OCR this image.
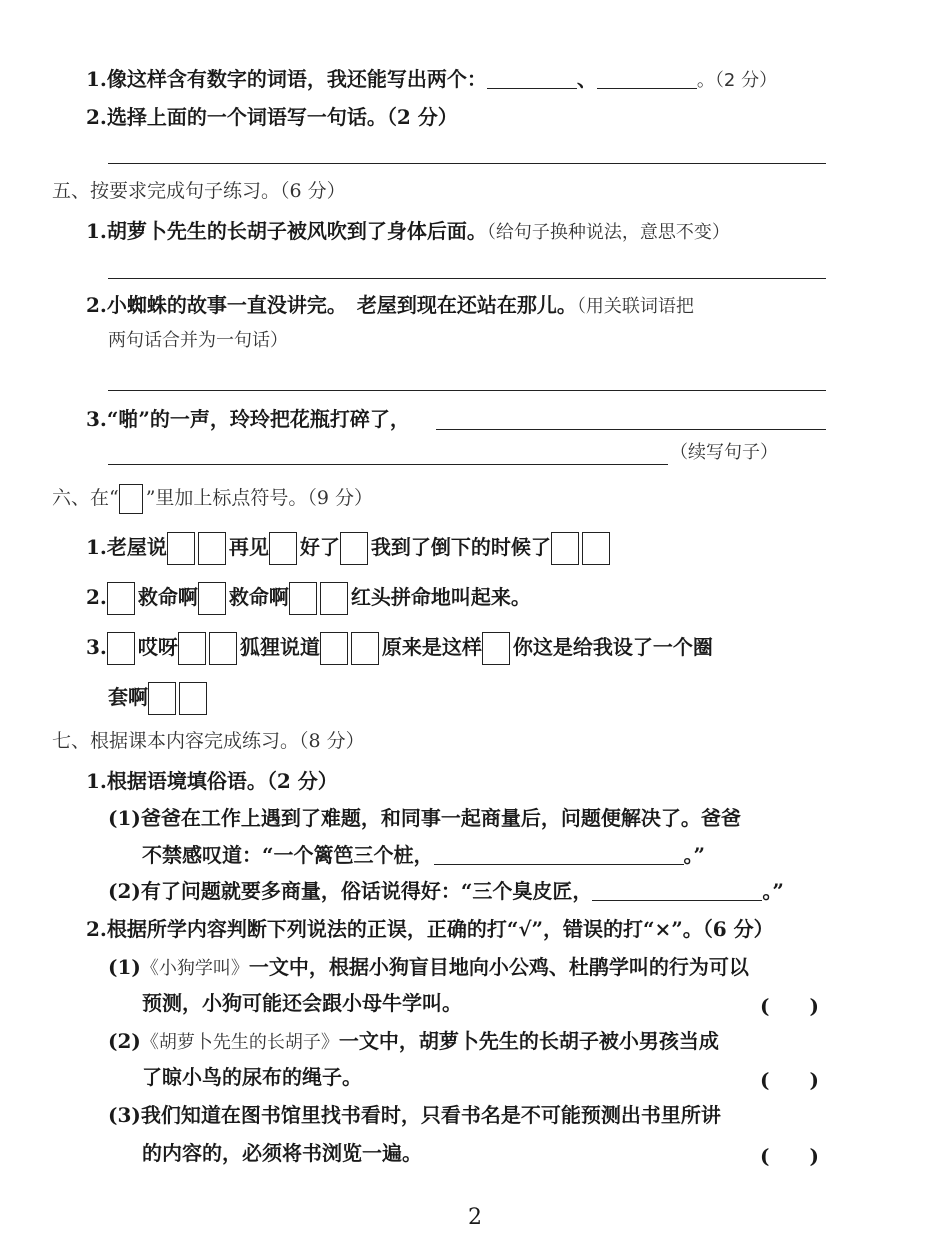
1.像这样含有数字的词语，我还能写出两个：	、	。（2 分）
2.选择上面的一个词语写一句话。（2 分）
五、按要求完成句子练习。（6 分）
1.胡萝卜先生的长胡子被风吹到了身体后面。（给句子换种说法，意思不变）
2.小蜘蛛的故事一直没讲完。　老屋到现在还站在那儿。（用关联词语把
两句话合并为一句话）
3.“啪”的一声，玲玲把花瓶打碎了，
（续写句子）
六、在“ ”里加上标点符号。（9 分）
1.老屋说	再见 好了 我到了倒下的时候了
2. 救命啊 救命啊	红头拼命地叫起来。
3. 哎呀	狐狸说道	原来是这样 你这是给我设了一个圈
套啊
七、根据课本内容完成练习。（8 分）
1.根据语境填俗语。（2 分）
(1)爸爸在工作上遇到了难题，和同事一起商量后，问题便解决了。爸爸
不禁感叹道：“一个篱笆三个桩，	。”
(2)有了问题就要多商量，俗话说得好：“三个臭皮匠，	。”
2.根据所学内容判断下列说法的正误，正确的打“√”，错误的打“×”。（6 分）
(1)《小狗学叫》一文中，根据小狗盲目地向小公鸡、杜鹃学叫的行为可以
预测，小狗可能还会跟小母牛学叫。	(　　)
(2)《胡萝卜先生的长胡子》一文中，胡萝卜先生的长胡子被小男孩当成
了晾小鸟的尿布的绳子。	(　　)
(3)我们知道在图书馆里找书看时，只看书名是不可能预测出书里所讲
的内容的，必须将书浏览一遍。	(　　)
2
